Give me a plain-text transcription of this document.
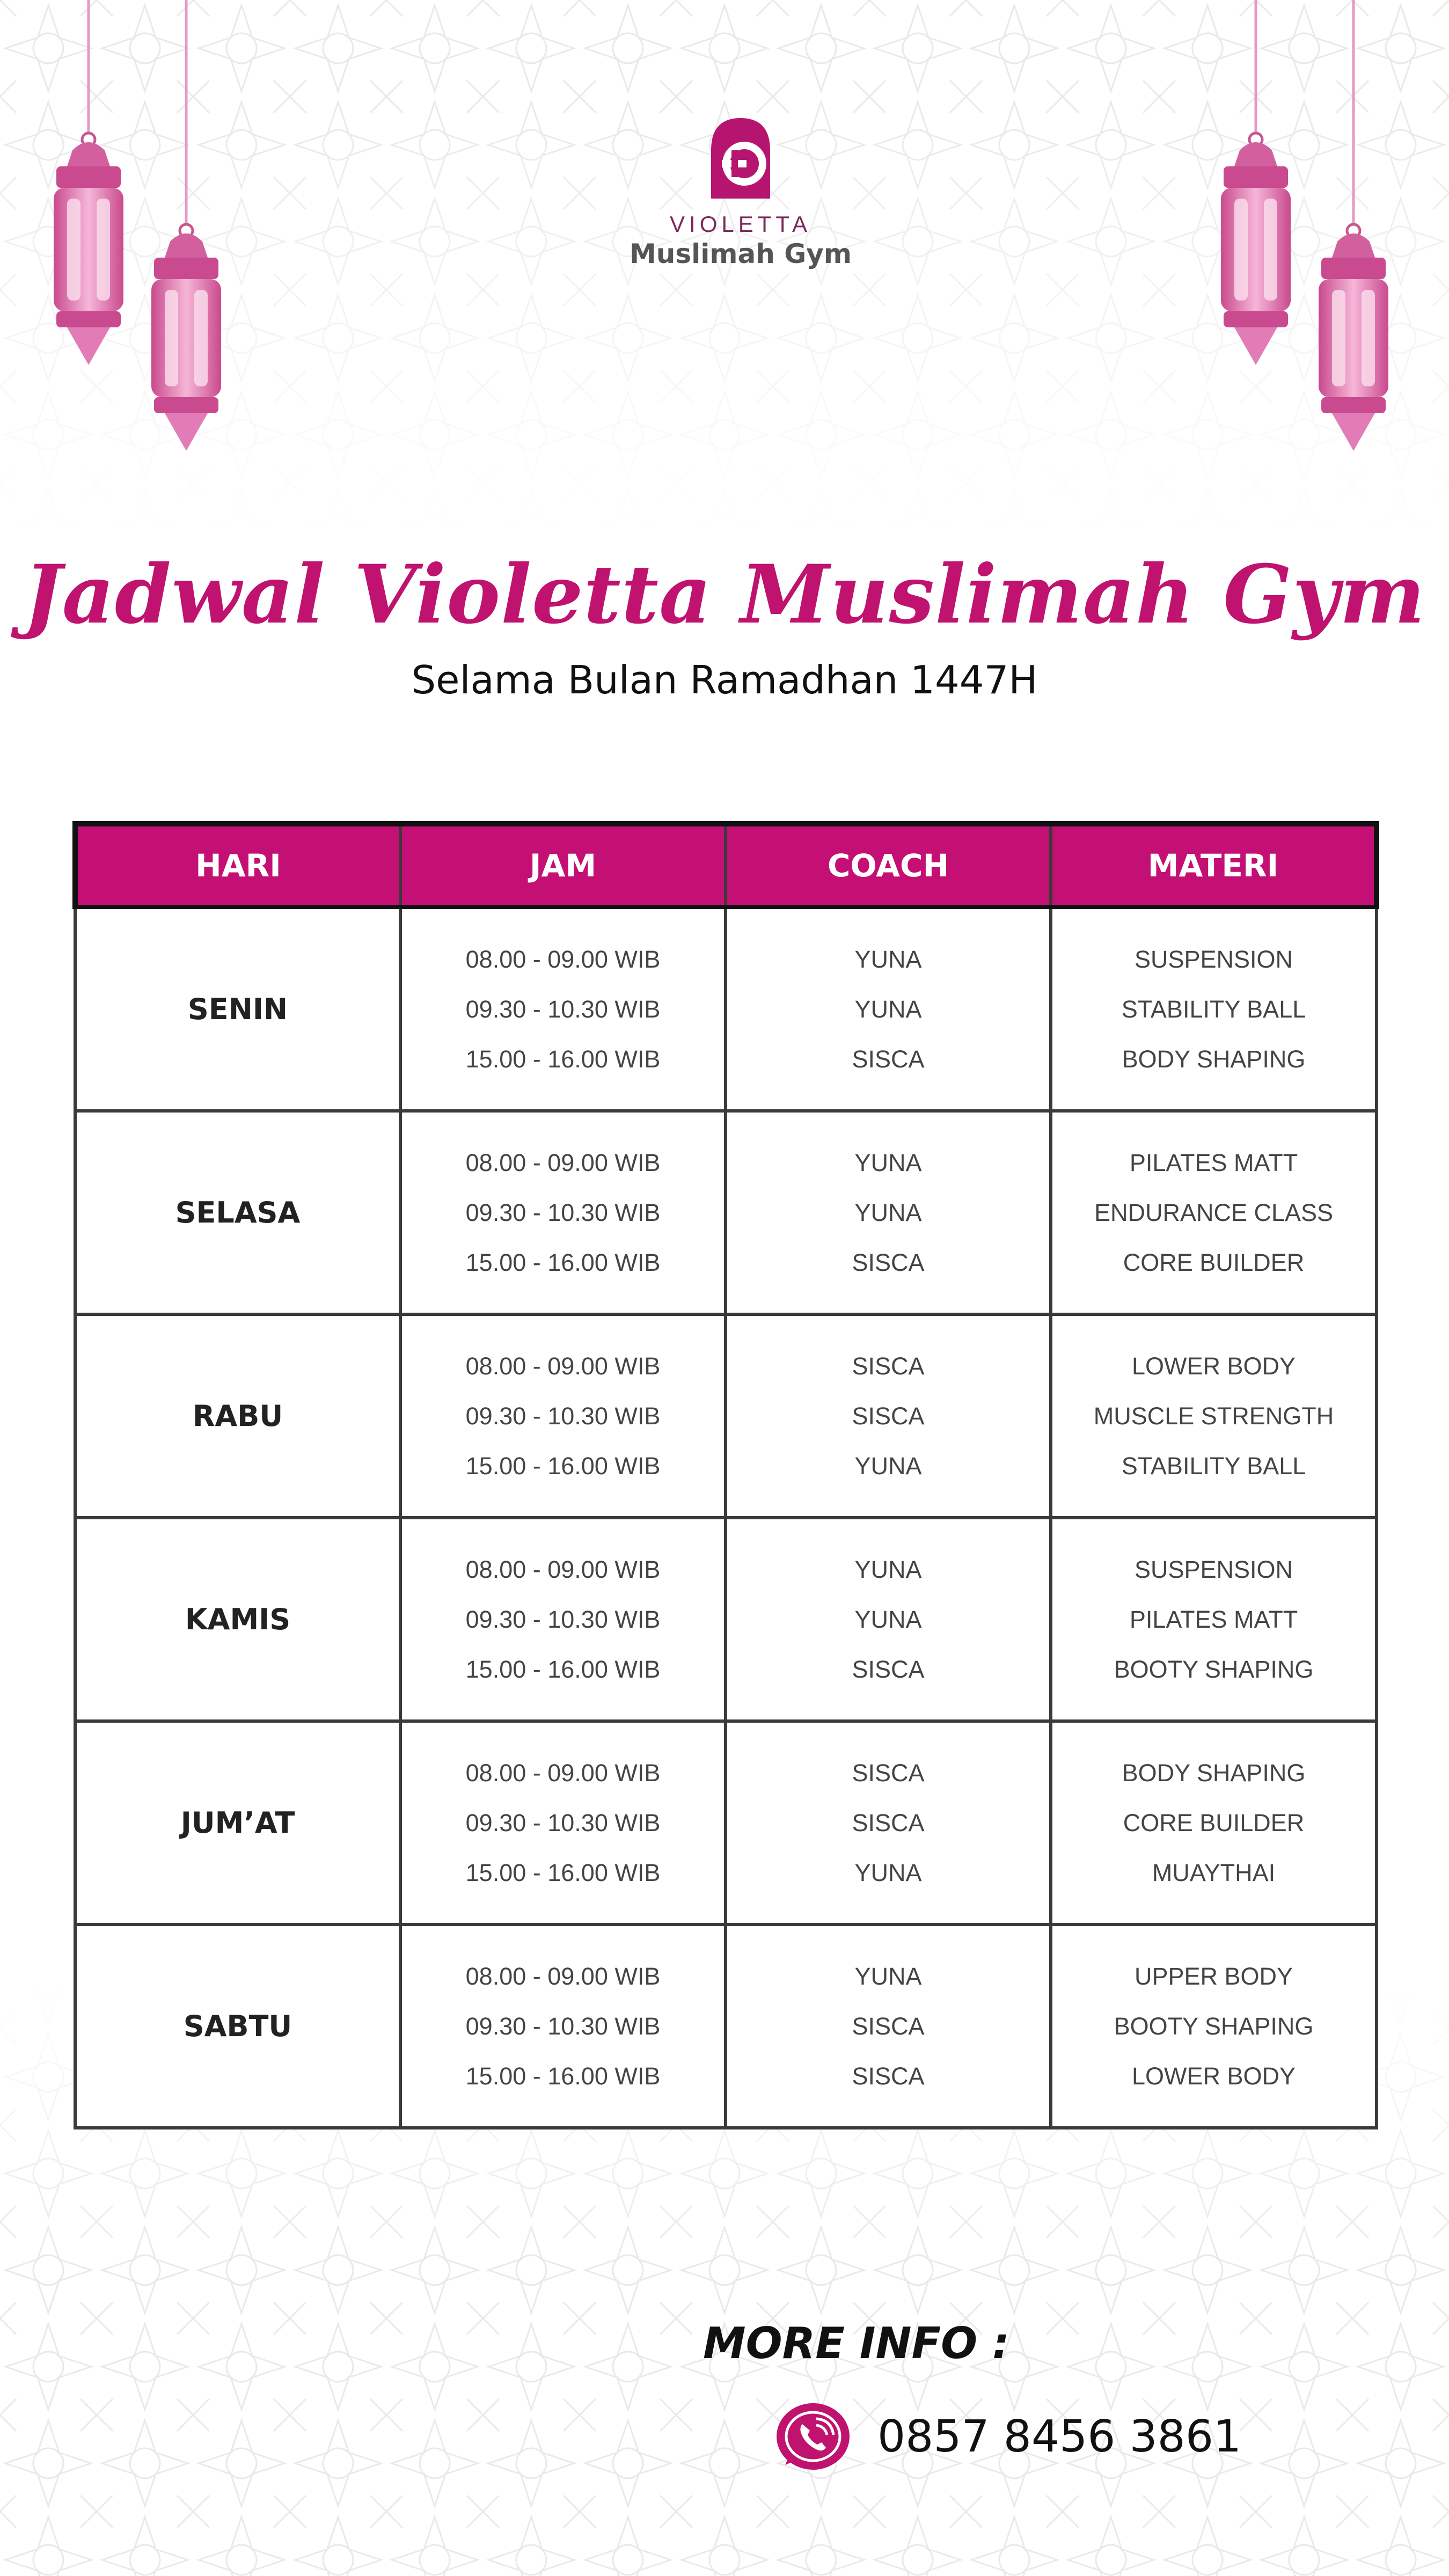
VIOLETTA
Muslimah Gym
Jadwal Violetta Muslimah Gym
Selama Bulan Ramadhan 1447H
HARI	JAM	COACH	MATERI
SENIN	08.00 - 09.00 WIB
09.30 - 10.30 WIB
15.00 - 16.00 WIB	YUNA
YUNA
SISCA	SUSPENSION
STABILITY BALL
BODY SHAPING

SELASA	08.00 - 09.00 WIB
09.30 - 10.30 WIB
15.00 - 16.00 WIB	YUNA
YUNA
SISCA	PILATES MATT
ENDURANCE CLASS
CORE BUILDER

RABU	08.00 - 09.00 WIB
09.30 - 10.30 WIB
15.00 - 16.00 WIB	SISCA
SISCA
YUNA	LOWER BODY
MUSCLE STRENGTH
STABILITY BALL

KAMIS	08.00 - 09.00 WIB
09.30 - 10.30 WIB
15.00 - 16.00 WIB	YUNA
YUNA
SISCA	SUSPENSION
PILATES MATT
BOOTY SHAPING

JUM’AT	08.00 - 09.00 WIB
09.30 - 10.30 WIB
15.00 - 16.00 WIB	SISCA
SISCA
YUNA	BODY SHAPING
CORE BUILDER
MUAYTHAI

SABTU	08.00 - 09.00 WIB
09.30 - 10.30 WIB
15.00 - 16.00 WIB	YUNA
SISCA
SISCA	UPPER BODY
BOOTY SHAPING
LOWER BODY
MORE INFO :
0857 8456 3861
